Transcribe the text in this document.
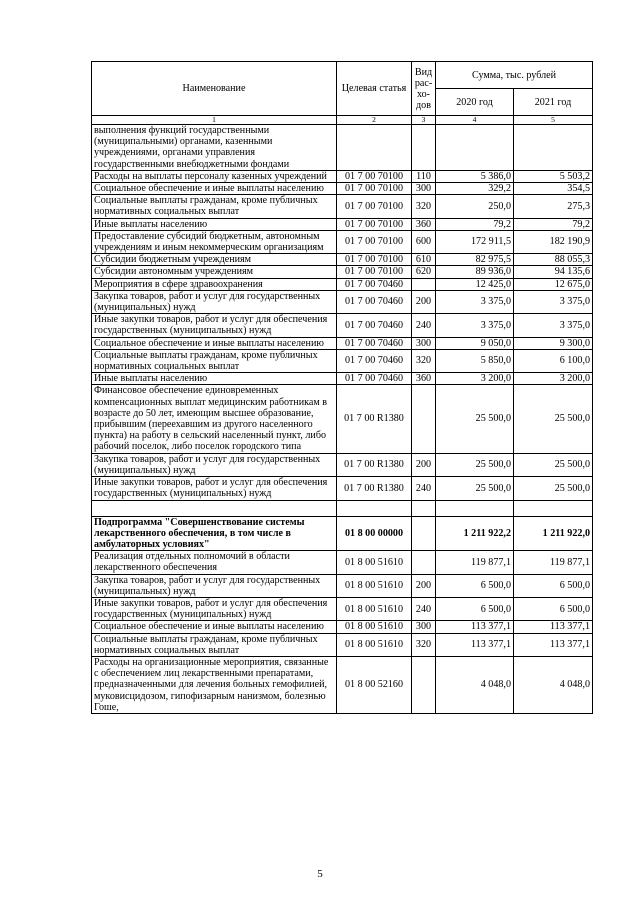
Наименование	Целевая статья	Вид рас-хо-дов	Сумма, тыс. рублей	
			2020 год	2021 год
1	2	3	4	5
выполнения функций государственными (муниципальными) органами, казенными учреждениями, органами управления государственными внебюджетными фондами				
Расходы на выплаты персоналу казенных учреждений	01 7 00 70100	110	5 386,0	5 503,2
Социальное обеспечение и иные выплаты населению	01 7 00 70100	300	329,2	354,5
Социальные выплаты гражданам, кроме публичных нормативных социальных выплат	01 7 00 70100	320	250,0	275,3
Иные выплаты населению	01 7 00 70100	360	79,2	79,2
Предоставление субсидий бюджетным, автономным учреждениям и иным некоммерческим организациям	01 7 00 70100	600	172 911,5	182 190,9
Субсидии бюджетным учреждениям	01 7 00 70100	610	82 975,5	88 055,3
Субсидии автономным учреждениям	01 7 00 70100	620	89 936,0	94 135,6
Мероприятия в сфере здравоохранения	01 7 00 70460		12 425,0	12 675,0
Закупка товаров, работ и услуг для государственных (муниципальных) нужд	01 7 00 70460	200	3 375,0	3 375,0
Иные закупки товаров, работ и услуг для обеспечения государственных (муниципальных) нужд	01 7 00 70460	240	3 375,0	3 375,0
Социальное обеспечение и иные выплаты населению	01 7 00 70460	300	9 050,0	9 300,0
Социальные выплаты гражданам, кроме публичных нормативных социальных выплат	01 7 00 70460	320	5 850,0	6 100,0
Иные выплаты населению	01 7 00 70460	360	3 200,0	3 200,0
Финансовое обеспечение единовременных компенсационных выплат медицинским работникам в возрасте до 50 лет, имеющим высшее образование, прибывшим (переехавшим из другого населенного пункта) на работу в сельский населенный пункт, либо рабочий поселок, либо поселок городского типа	01 7 00 R1380		25 500,0	25 500,0
Закупка товаров, работ и услуг для государственных (муниципальных) нужд	01 7 00 R1380	200	25 500,0	25 500,0
Иные закупки товаров, работ и услуг для обеспечения государственных (муниципальных) нужд	01 7 00 R1380	240	25 500,0	25 500,0

Подпрограмма "Совершенствование системы лекарственного обеспечения, в том числе в амбулаторных условиях"	01 8 00 00000		1 211 922,2	1 211 922,0
Реализация отдельных полномочий в области лекарственного обеспечения	01 8 00 51610		119 877,1	119 877,1
Закупка товаров, работ и услуг для государственных (муниципальных) нужд	01 8 00 51610	200	6 500,0	6 500,0
Иные закупки товаров, работ и услуг для обеспечения государственных (муниципальных) нужд	01 8 00 51610	240	6 500,0	6 500,0
Социальное обеспечение и иные выплаты населению	01 8 00 51610	300	113 377,1	113 377,1
Социальные выплаты гражданам, кроме публичных нормативных социальных выплат	01 8 00 51610	320	113 377,1	113 377,1
Расходы на организационные мероприятия, связанные с обеспечением лиц лекарственными препаратами, предназначенными для лечения больных гемофилией, муковисцидозом, гипофизарным нанизмом, болезнью Гоше,	01 8 00 52160		4 048,0	4 048,0
5
